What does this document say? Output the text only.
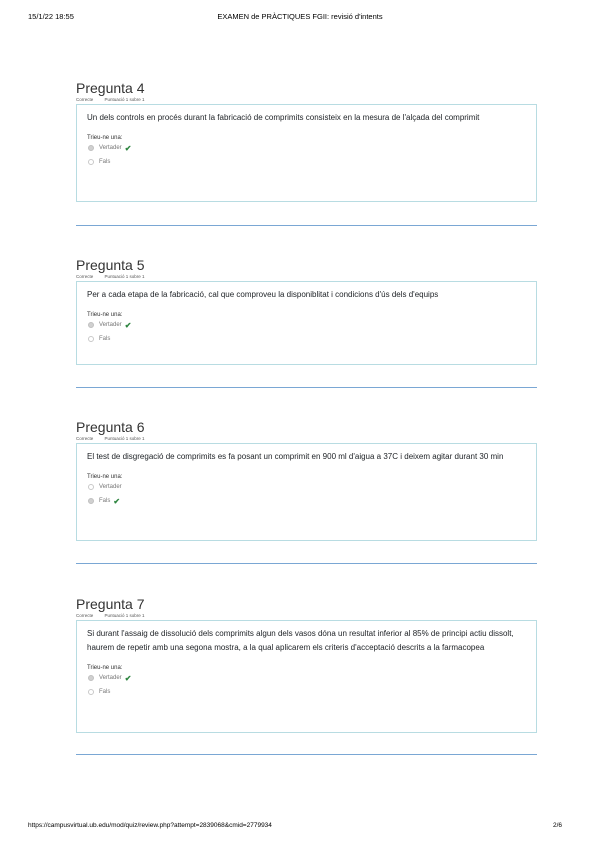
15/1/22 18:55	EXAMEN de PRÀCTIQUES FGII: revisió d'intents
Pregunta 4
Correcte	Puntuació 1 sobre 1
Un dels controls en procés durant la fabricació de comprimits consisteix en la mesura de l'alçada del comprimit
Trieu-ne una:
Vertader ✔
Fals
Pregunta 5
Correcte	Puntuació 1 sobre 1
Per a cada etapa de la fabricació, cal que comproveu la disponiblitat i condicions d'ús dels d'equips
Trieu-ne una:
Vertader ✔
Fals
Pregunta 6
Correcte	Puntuació 1 sobre 1
El test de disgregació de comprimits es fa posant un comprimit en 900 ml d'aigua a 37C i deixem agitar durant 30 min
Trieu-ne una:
Vertader
Fals ✔
Pregunta 7
Correcte	Puntuació 1 sobre 1
Si durant l'assaig de dissolució dels comprimits algun dels vasos dóna un resultat inferior al 85% de principi actiu dissolt, haurem de repetir amb una segona mostra, a la qual aplicarem els criteris d'acceptació descrits a la farmacopea
Trieu-ne una:
Vertader ✔
Fals
https://campusvirtual.ub.edu/mod/quiz/review.php?attempt=2839068&cmid=2779934	2/6
